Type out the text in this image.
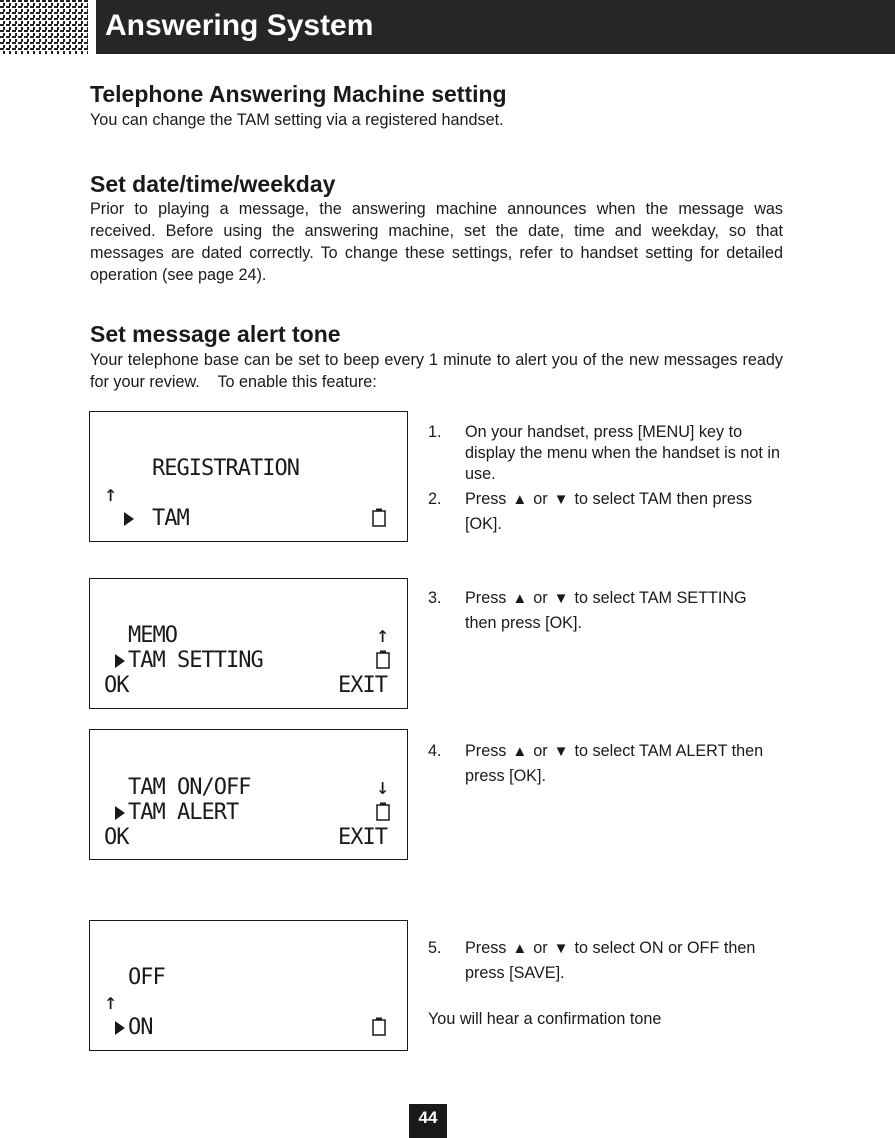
Answering System
Telephone Answering Machine setting
You can change the TAM setting via a registered handset.
Set date/time/weekday
Prior to playing a message, the answering machine announces when the message was received. Before using the answering machine, set the date, time and weekday, so that messages are dated correctly. To change these settings, refer to handset setting for detailed operation (see page 24).
Set message alert tone
Your telephone base can be set to beep every 1 minute to alert you of the new messages ready for your review.    To enable this feature:
REGISTRATION
↑
TAM
MEMO	↑
TAM SETTING
OK	EXIT
TAM ON/OFF	↓
TAM ALERT
OK	EXIT
OFF
↑
ON
1. On your handset, press [MENU] key to display the menu when the handset is not in use.
2. Press ▲ or ▼ to select TAM then press [OK].
3. Press ▲ or ▼ to select TAM SETTING then press [OK].
4. Press ▲ or ▼ to select TAM ALERT then press [OK].
5. Press ▲ or ▼ to select ON or OFF then press [SAVE].
You will hear a confirmation tone
44
